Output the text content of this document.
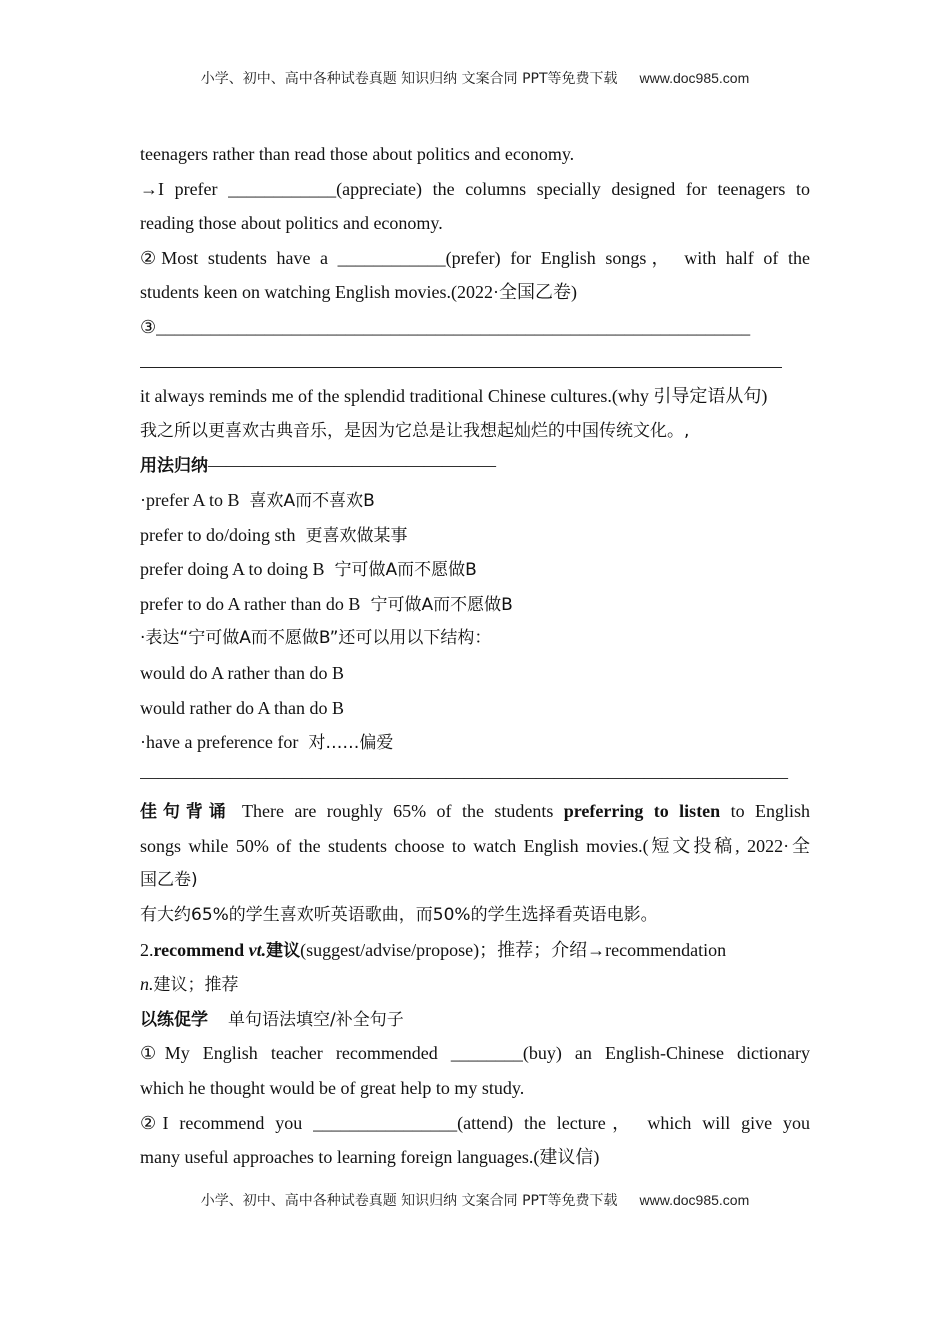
小学、初中、高中各种试卷真题 知识归纳 文案合同 PPT等免费下载 www.doc985.com
teenagers rather than read those about politics and economy.
→I prefer ____________(appreciate) the columns specially designed for teenagers to
reading those about politics and economy.
②Most students have a ____________(prefer) for English songs， with half of the
students keen on watching English movies.(2022·全国乙卷)
③__________________________________________________________________
it always reminds me of the splendid traditional Chinese cultures.(why 引导定语从句)
我之所以更喜欢古典音乐，是因为它总是让我想起灿烂的中国传统文化。,
用法归纳————————————————
·prefer A to B 喜欢A而不喜欢B
prefer to do/doing sth 更喜欢做某事
prefer doing A to doing B 宁可做A而不愿做B
prefer to do A rather than do B 宁可做A而不愿做B
·表达“宁可做A而不愿做B”还可以用以下结构：
would do A rather than do B
would rather do A than do B
·have a preference for 对……偏爱
————————————————————————————————————
佳句背诵 There are roughly 65% of the students preferring to listen to English
songs while 50% of the students choose to watch English movies.(短文投稿, 2022·全
国乙卷)
有大约65%的学生喜欢听英语歌曲，而50%的学生选择看英语电影。
2.recommend vt.建议(suggest/advise/propose)；推荐；介绍→recommendation
n.建议；推荐
以练促学 单句语法填空/补全句子
①My English teacher recommended ________(buy) an English-Chinese dictionary
which he thought would be of great help to my study.
②I recommend you ________________(attend) the lecture， which will give you
many useful approaches to learning foreign languages.(建议信)
小学、初中、高中各种试卷真题 知识归纳 文案合同 PPT等免费下载 www.doc985.com
